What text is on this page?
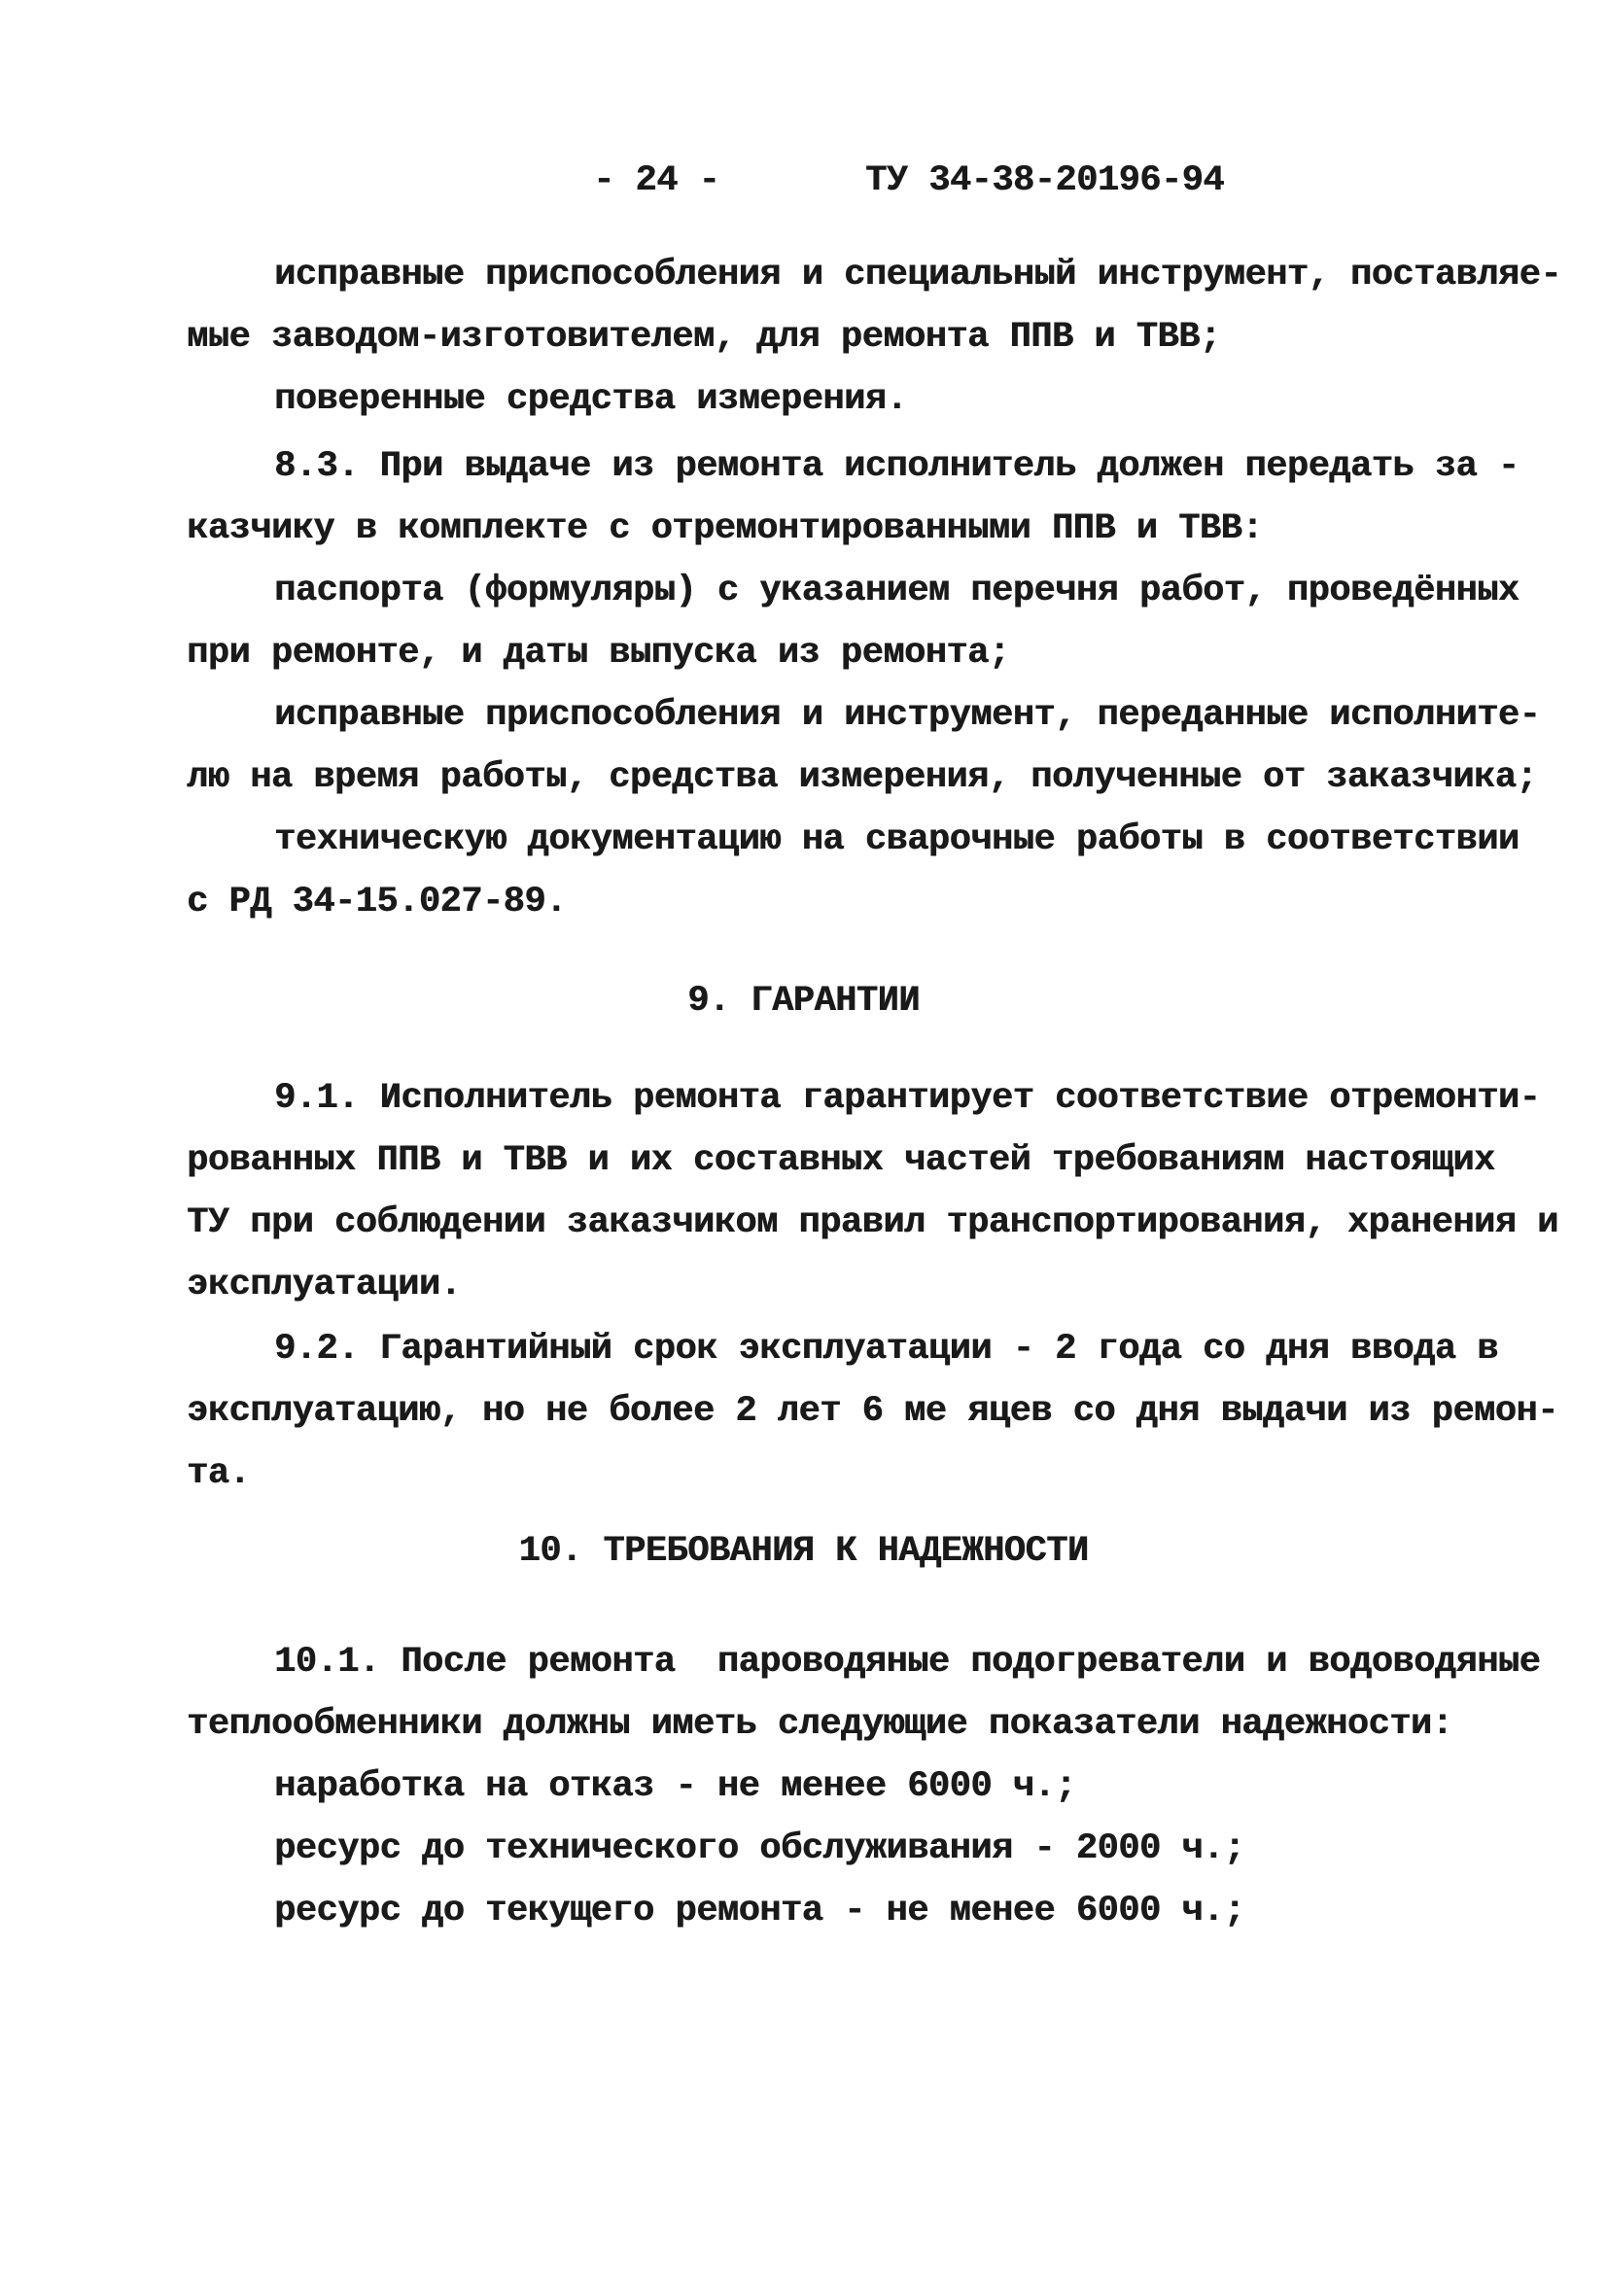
- 24 -	ТУ 34-38-20196-94
исправные приспособления и специальный инструмент, поставляе-
мые заводом-изготовителем, для ремонта ППВ и ТВВ;
поверенные средства измерения.
8.3. При выдаче из ремонта исполнитель должен передать за -
казчику в комплекте с отремонтированными ППВ и ТВВ:
паспорта (формуляры) с указанием перечня работ, проведённых
при ремонте, и даты выпуска из ремонта;
исправные приспособления и инструмент, переданные исполните-
лю на время работы, средства измерения, полученные от заказчика;
техническую документацию на сварочные работы в соответствии
с РД 34-15.027-89.
9. ГАРАНТИИ
9.1. Исполнитель ремонта гарантирует соответствие отремонти-
рованных ППВ и ТВВ и их составных частей требованиям настоящих
ТУ при соблюдении заказчиком правил транспортирования, хранения и
эксплуатации.
9.2. Гарантийный срок эксплуатации - 2 года со дня ввода в
эксплуатацию, но не более 2 лет 6 ме яцев со дня выдачи из ремон-
та.
10. ТРЕБОВАНИЯ К НАДЕЖНОСТИ
10.1. После ремонта  пароводяные подогреватели и водоводяные
теплообменники должны иметь следующие показатели надежности:
наработка на отказ - не менее 6000 ч.;
ресурс до технического обслуживания - 2000 ч.;
ресурс до текущего ремонта - не менее 6000 ч.;
